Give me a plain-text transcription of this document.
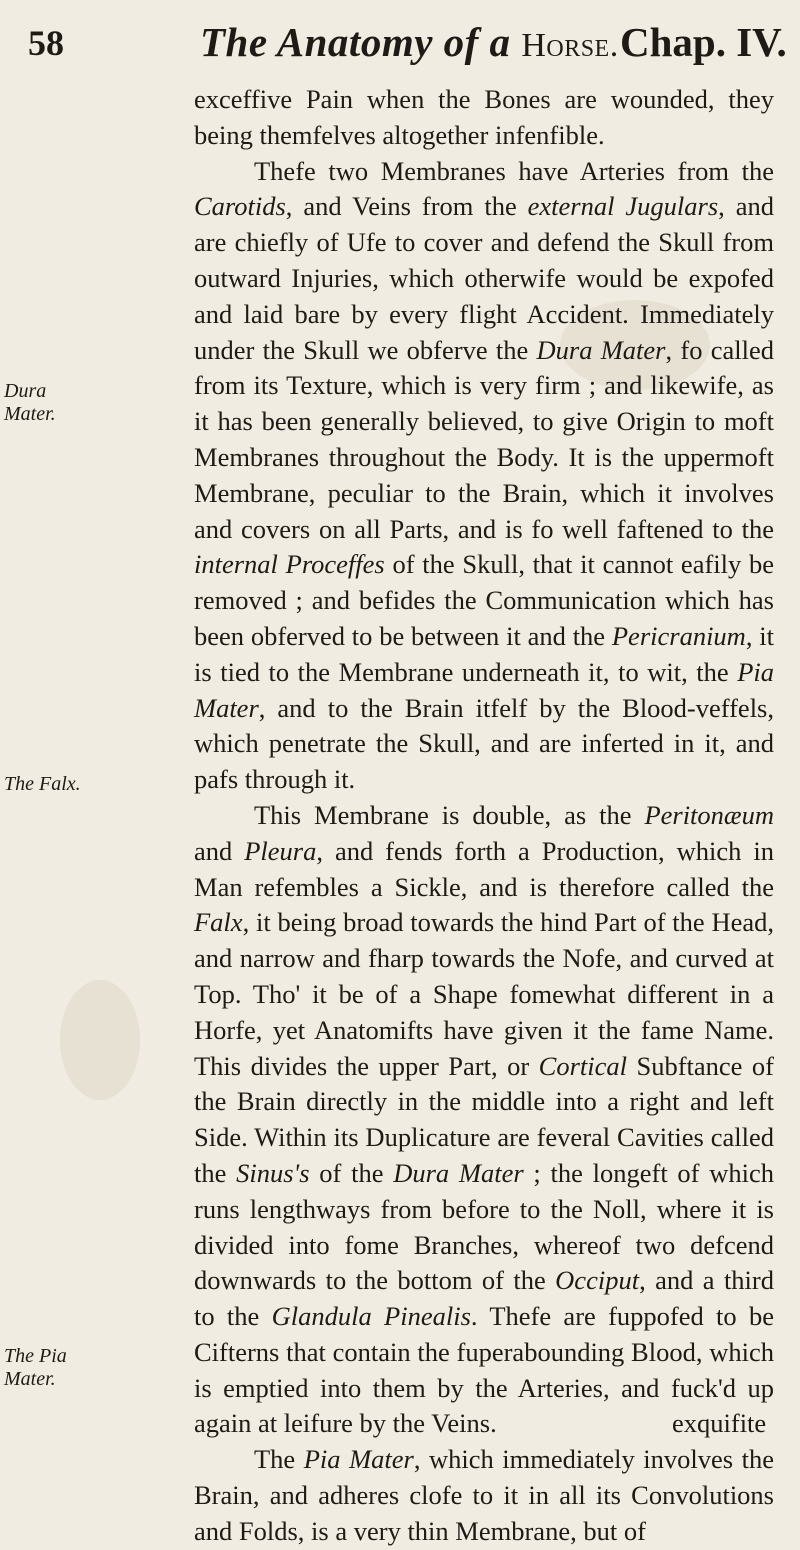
58	The Anatomy of a Horse. Chap. IV.
Dura Mater.
The Falx.
The Pia Mater.

exceffive Pain when the Bones are wounded, they being themfelves altogether infenfible.

Thefe two Membranes have Arteries from the Carotids, and Veins from the external Jugulars, and are chiefly of Ufe to cover and defend the Skull from outward Injuries, which otherwife would be expofed and laid bare by every flight Accident. Immediately under the Skull we obferve the Dura Mater, fo called from its Texture, which is very firm ; and likewife, as it has been generally believed, to give Origin to moft Membranes throughout the Body. It is the uppermoft Membrane, peculiar to the Brain, which it involves and covers on all Parts, and is fo well faftened to the internal Proceffes of the Skull, that it cannot eafily be removed ; and befides the Communication which has been obferved to be between it and the Pericranium, it is tied to the Membrane underneath it, to wit, the Pia Mater, and to the Brain itfelf by the Blood-veffels, which penetrate the Skull, and are inferted in it, and pafs through it.

This Membrane is double, as the Peritonæum and Pleura, and fends forth a Production, which in Man refembles a Sickle, and is therefore called the Falx, it being broad towards the hind Part of the Head, and narrow and fharp towards the Nofe, and curved at Top. Tho' it be of a Shape fomewhat different in a Horfe, yet Anatomifts have given it the fame Name. This divides the upper Part, or Cortical Subftance of the Brain directly in the middle into a right and left Side. Within its Duplicature are feveral Cavities called the Sinus's of the Dura Mater ; the longeft of which runs lengthways from before to the Noll, where it is divided into fome Branches, whereof two defcend downwards to the bottom of the Occiput, and a third to the Glandula Pinealis. Thefe are fuppofed to be Cifterns that contain the fuperabounding Blood, which is emptied into them by the Arteries, and fuck'd up again at leifure by the Veins.

The Pia Mater, which immediately involves the Brain, and adheres clofe to it in all its Convolutions and Folds, is a very thin Membrane, but of

exquifite
